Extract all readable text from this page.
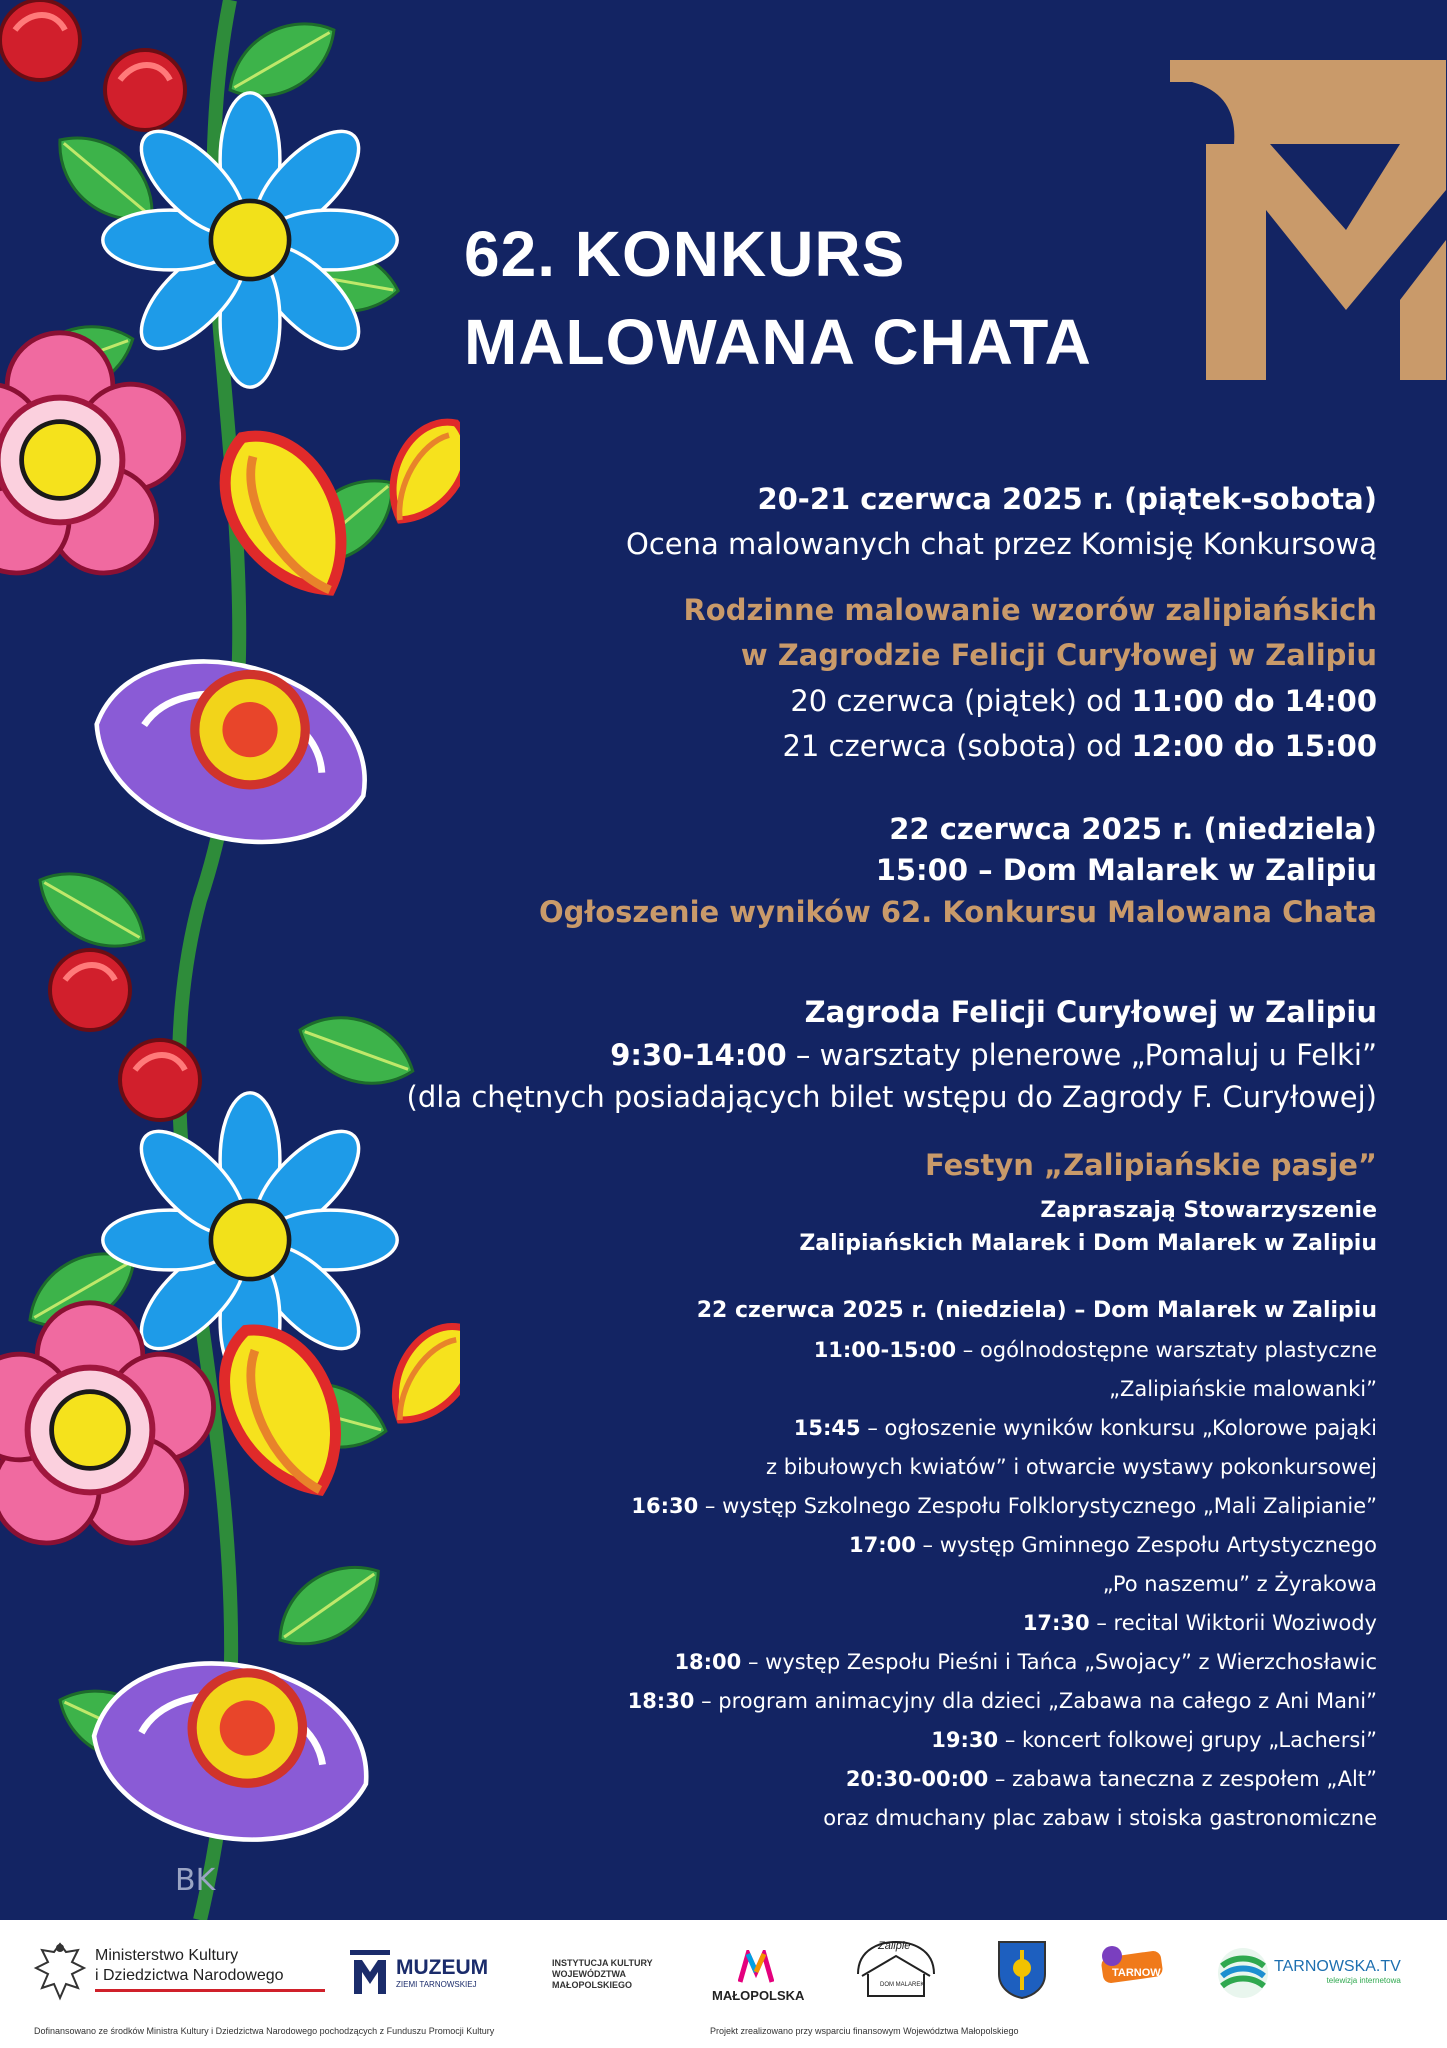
BK
62. KONKURS
MALOWANA CHATA
20-21 czerwca 2025 r. (piątek-sobota)
Ocena malowanych chat przez Komisję Konkursową
Rodzinne malowanie wzorów zalipiańskich
w Zagrodzie Felicji Curyłowej w Zalipiu
20 czerwca (piątek) od 11:00 do 14:00
21 czerwca (sobota) od 12:00 do 15:00
22 czerwca 2025 r. (niedziela)
15:00 – Dom Malarek w Zalipiu
Ogłoszenie wyników 62. Konkursu Malowana Chata
Zagroda Felicji Curyłowej w Zalipiu
9:30-14:00 – warsztaty plenerowe „Pomaluj u Felki”
(dla chętnych posiadających bilet wstępu do Zagrody F. Curyłowej)
Festyn „Zalipiańskie pasje”
Zapraszają Stowarzyszenie
Zalipiańskich Malarek i Dom Malarek w Zalipiu
22 czerwca 2025 r. (niedziela) – Dom Malarek w Zalipiu
11:00-15:00 – ogólnodostępne warsztaty plastyczne
„Zalipiańskie malowanki”
15:45 – ogłoszenie wyników konkursu „Kolorowe pająki
z bibułowych kwiatów” i otwarcie wystawy pokonkursowej
16:30 – występ Szkolnego Zespołu Folklorystycznego „Mali Zalipianie”
17:00 – występ Gminnego Zespołu Artystycznego
„Po naszemu” z Żyrakowa
17:30 – recital Wiktorii Woziwody
18:00 – występ Zespołu Pieśni i Tańca „Swojacy” z Wierzchosławic
18:30 – program animacyjny dla dzieci „Zabawa na całego z Ani Mani”
19:30 – koncert folkowej grupy „Lachersi”
20:30-00:00 – zabawa taneczna z zespołem „Alt”
oraz dmuchany plac zabaw i stoiska gastronomiczne
Ministerstwo Kultury
i Dziedzictwa Narodowego
Dofinansowano ze środków Ministra Kultury i Dziedzictwa Narodowego pochodzących z Funduszu Promocji Kultury
MUZEUM
ZIEMI TARNOWSKIEJ
INSTYTUCJA KULTURY
WOJEWÓDZTWA
MAŁOPOLSKIEGO
MAŁOPOLSKA
Projekt zrealizowano przy wsparciu finansowym Województwa Małopolskiego
Zalipie
DOM MALAREK
TARNOW	TARNOWSKA.TV
telewizja internetowa
